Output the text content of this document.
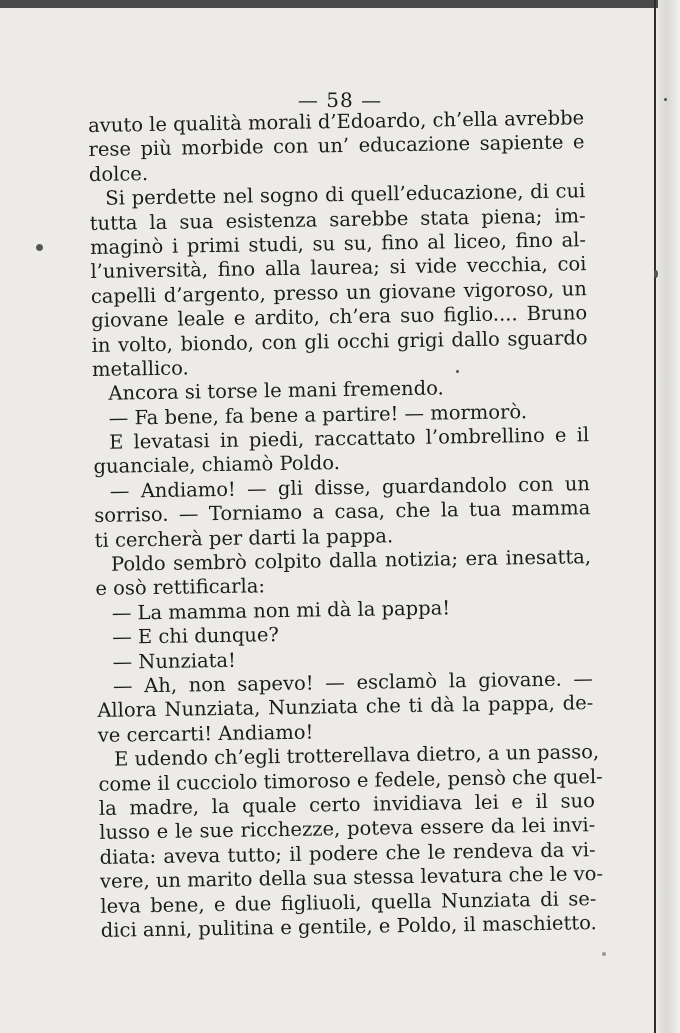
— 58 —
avuto le qualità morali d’Edoardo, ch’ella avrebbe
rese più morbide con un’ educazione sapiente e
dolce.
Si perdette nel sogno di quell’educazione, di cui
tutta la sua esistenza sarebbe stata piena; im-
maginò i primi studi, su su, fino al liceo, fino al-
l’università, fino alla laurea; si vide vecchia, coi
capelli d’argento, presso un giovane vigoroso, un
giovane leale e ardito, ch’era suo figlio.... Bruno
in volto, biondo, con gli occhi grigi dallo sguardo
metallico.
Ancora si torse le mani fremendo.
— Fa bene, fa bene a partire! — mormorò.
E levatasi in piedi, raccattato l’ombrellino e il
guanciale, chiamò Poldo.
— Andiamo! — gli disse, guardandolo con un
sorriso. — Torniamo a casa, che la tua mamma
ti cercherà per darti la pappa.
Poldo sembrò colpito dalla notizia; era inesatta,
e osò rettificarla:
— La mamma non mi dà la pappa!
— E chi dunque?
— Nunziata!
— Ah, non sapevo! — esclamò la giovane. —
Allora Nunziata, Nunziata che ti dà la pappa, de-
ve cercarti! Andiamo!
E udendo ch’egli trotterellava dietro, a un passo,
come il cucciolo timoroso e fedele, pensò che quel-
la madre, la quale certo invidiava lei e il suo
lusso e le sue ricchezze, poteva essere da lei invi-
diata: aveva tutto; il podere che le rendeva da vi-
vere, un marito della sua stessa levatura che le vo-
leva bene, e due figliuoli, quella Nunziata di se-
dici anni, pulitina e gentile, e Poldo, il maschietto.
